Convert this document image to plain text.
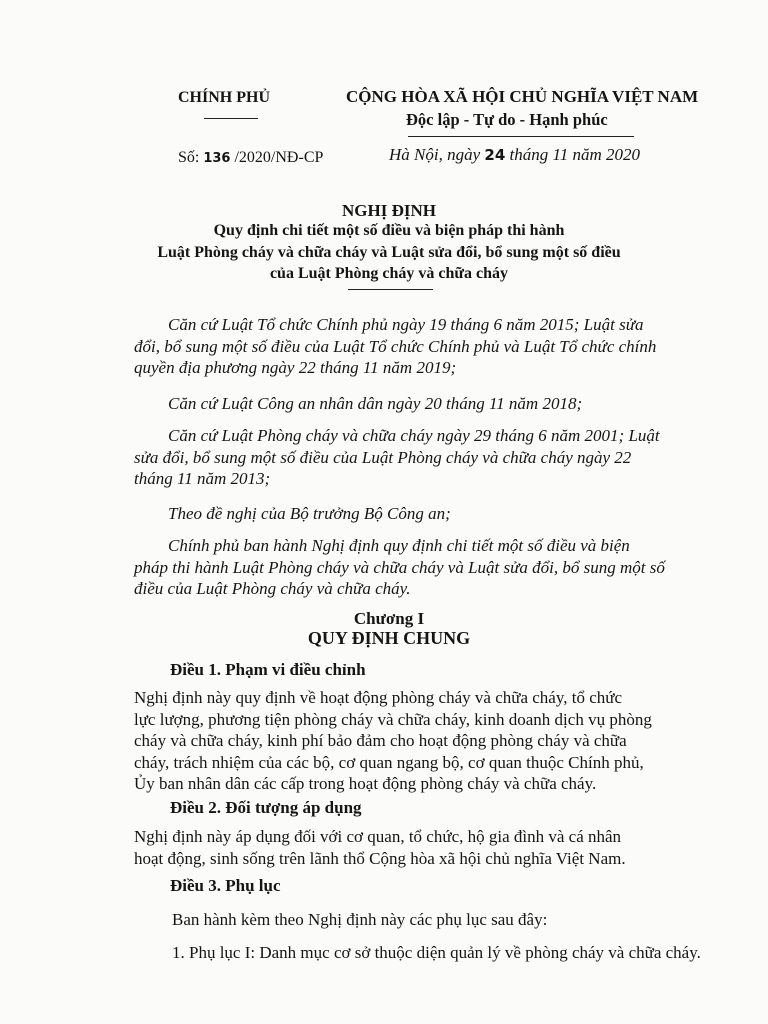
CHÍNH PHỦ	CỘNG HÒA XÃ HỘI CHỦ NGHĨA VIỆT NAM
Độc lập - Tự do - Hạnh phúc
Số: 136 /2020/NĐ-CP	Hà Nội, ngày 24 tháng 11 năm 2020
NGHỊ ĐỊNH
Quy định chi tiết một số điều và biện pháp thi hành
Luật Phòng cháy và chữa cháy và Luật sửa đổi, bổ sung một số điều
của Luật Phòng cháy và chữa cháy
Căn cứ Luật Tổ chức Chính phủ ngày 19 tháng 6 năm 2015; Luật sửa
đổi, bổ sung một số điều của Luật Tổ chức Chính phủ và Luật Tổ chức chính
quyền địa phương ngày 22 tháng 11 năm 2019;
Căn cứ Luật Công an nhân dân ngày 20 tháng 11 năm 2018;
Căn cứ Luật Phòng cháy và chữa cháy ngày 29 tháng 6 năm 2001; Luật
sửa đổi, bổ sung một số điều của Luật Phòng cháy và chữa cháy ngày 22
tháng 11 năm 2013;
Theo đề nghị của Bộ trưởng Bộ Công an;
Chính phủ ban hành Nghị định quy định chi tiết một số điều và biện
pháp thi hành Luật Phòng cháy và chữa cháy và Luật sửa đổi, bổ sung một số
điều của Luật Phòng cháy và chữa cháy.
Chương I
QUY ĐỊNH CHUNG
Điều 1. Phạm vi điều chỉnh
Nghị định này quy định về hoạt động phòng cháy và chữa cháy, tổ chức
lực lượng, phương tiện phòng cháy và chữa cháy, kinh doanh dịch vụ phòng
cháy và chữa cháy, kinh phí bảo đảm cho hoạt động phòng cháy và chữa
cháy, trách nhiệm của các bộ, cơ quan ngang bộ, cơ quan thuộc Chính phủ,
Ủy ban nhân dân các cấp trong hoạt động phòng cháy và chữa cháy.
Điều 2. Đối tượng áp dụng
Nghị định này áp dụng đối với cơ quan, tổ chức, hộ gia đình và cá nhân
hoạt động, sinh sống trên lãnh thổ Cộng hòa xã hội chủ nghĩa Việt Nam.
Điều 3. Phụ lục
Ban hành kèm theo Nghị định này các phụ lục sau đây:
1. Phụ lục I: Danh mục cơ sở thuộc diện quản lý về phòng cháy và chữa cháy.
